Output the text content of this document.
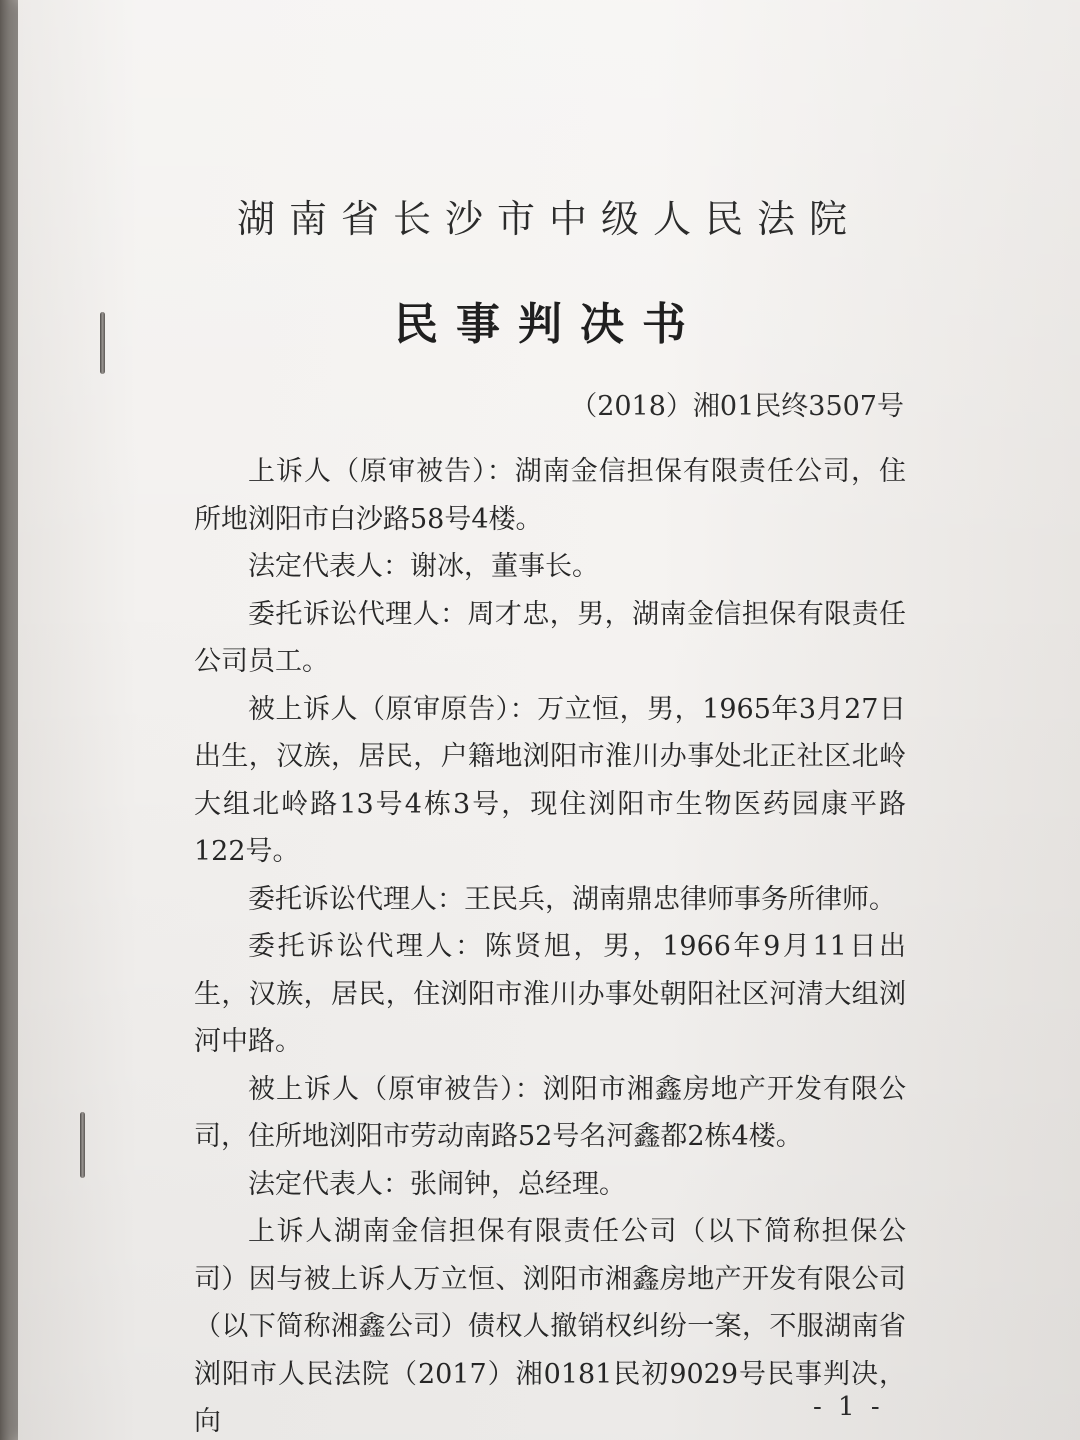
湖南省长沙市中级人民法院
民事判决书
（2018）湘01民终3507号

上诉人（原审被告）：湖南金信担保有限责任公司，住所地浏阳市白沙路58号4楼。

法定代表人：谢冰，董事长。

委托诉讼代理人：周才忠，男，湖南金信担保有限责任公司员工。

被上诉人（原审原告）：万立恒，男，1965年3月27日出生，汉族，居民，户籍地浏阳市淮川办事处北正社区北岭大组北岭路13号4栋3号，现住浏阳市生物医药园康平路122号。

委托诉讼代理人：王民兵，湖南鼎忠律师事务所律师。

委托诉讼代理人：陈贤旭，男，1966年9月11日出生，汉族，居民，住浏阳市淮川办事处朝阳社区河清大组浏河中路。

被上诉人（原审被告）：浏阳市湘鑫房地产开发有限公司，住所地浏阳市劳动南路52号名河鑫都2栋4楼。

法定代表人：张闹钟，总经理。

上诉人湖南金信担保有限责任公司（以下简称担保公司）因与被上诉人万立恒、浏阳市湘鑫房地产开发有限公司（以下简称湘鑫公司）债权人撤销权纠纷一案，不服湖南省浏阳市人民法院（2017）湘0181民初9029号民事判决，向	- 1 -
